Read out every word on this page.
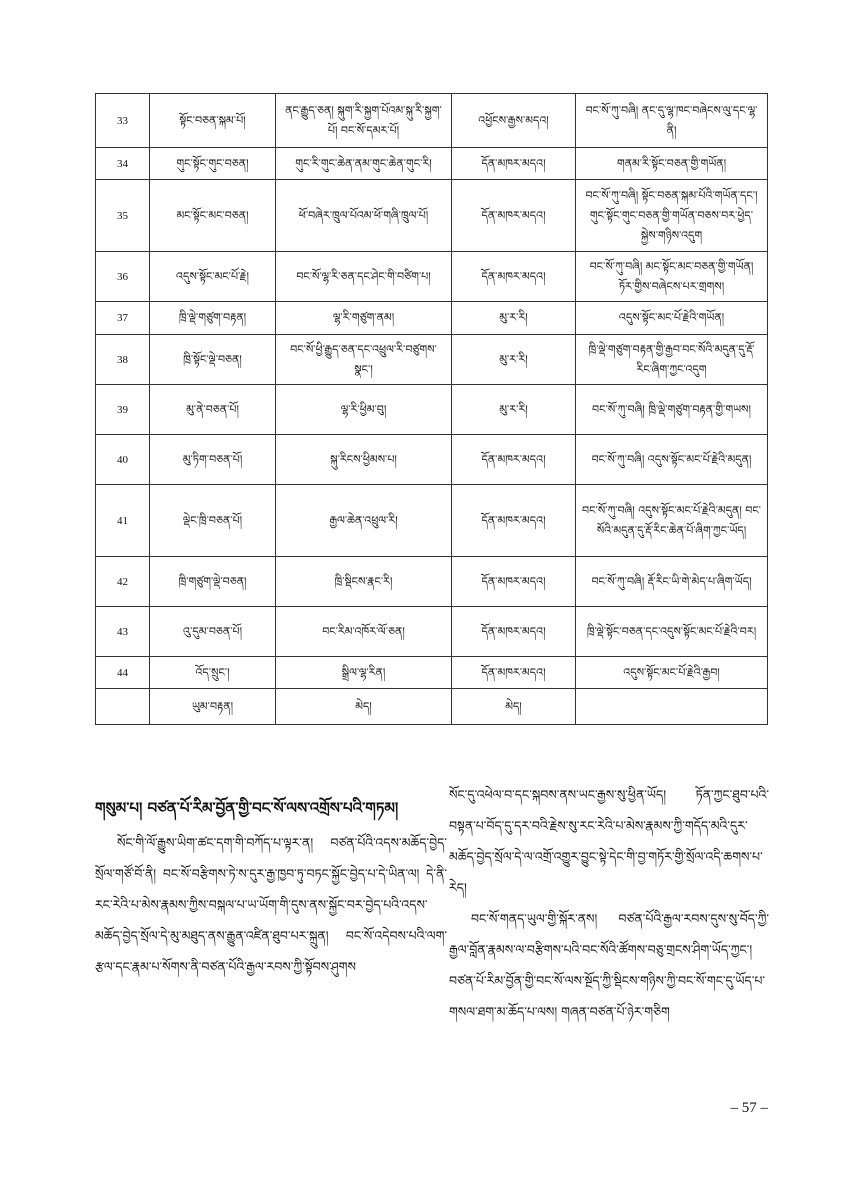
33	སྟོང་བཅན་སྐམ་པོ།	ནང་རྒྱུད་ཅན། སྐུག་རི་སྐྱག་པོའམ་སྐུ་རི་སྐྱག་པོ། བང་སོ་དམར་པོ།	འཕྱོངས་རྒྱས་མདའ།	བང་སོ་ཀུ་བཞི། ནང་དུ་ལྷ་ཁང་བཞེངས་ལུ་དང་ལྷ་ནི།
34	གུང་སྟོང་གུང་བཅན།	གུང་རི་གུང་ཆེན་ནམ་གུང་ཆེན་གུང་རི།	དོན་མཁར་མདའ།	གནམ་རི་སྟོང་བཅན་གྱི་གཡོན།
35	མང་སྟོང་མང་བཅན།	ཕོ་བཞེར་ཁྲུལ་པོའམ་ཕོ་གཞི་ཁྲུལ་པོ།	དོན་མཁར་མདའ།	བང་སོ་ཀུ་བཞི། སྟོང་བཅན་སྐམ་པོའི་གཡོན་དང་། གུང་སྟོང་གུང་བཅན་གྱི་གཡོན་བཅས་བར་ཕྱེད་སྐྱེས་གཉིས་འདུག
36	འདུས་སྟོང་མང་པོ་རྗེ།	བང་སོ་ལྷ་རི་ཅན་དང་ཤེང་གི་བཙིག་པ།	དོན་མཁར་མདའ།	བང་སོ་ཀུ་བཞི། མང་སྟོང་མང་བཅན་གྱི་གཡོན། ཏོར་གྱིས་བཞེངས་པར་གྲགས།
37	ཁྲི་ལྡེ་གཙུག་བརྟན།	ལྷ་རི་གཙུག་ནམ།	མུ་ར་རི།	འདུས་སྟོང་མང་པོ་རྗེའི་གཡོན།
38	ཁྲི་སྟོང་ལྡེ་བཅན།	བང་སོ་ཕྱི་རྒྱུད་ཅན་དང་འཕྲུལ་རི་བཙུགས་སྣང་།	མུ་ར་རི།	ཁྲི་ལྡེ་གཙུག་བརྟན་གྱི་རྒྱབ་བང་སོའི་མདུན་དུ་རྡོ་རིང་ཞིག་ཀྱང་འདུག
39	མུ་ནེ་བཅན་པོ།	ལྷ་རི་ཕྱིམ་བུ།	མུ་ར་རི།	བང་སོ་ཀུ་བཞི། ཁྲི་ལྡེ་གཙུག་བརྟན་གྱི་གཡས།
40	མུ་ཏིག་བཅན་པོ།	སྐུ་རིངས་ཕྱིམས་པ།	དོན་མཁར་མདའ།	བང་སོ་ཀུ་བཞི། འདུས་སྟོང་མང་པོ་རྗེའི་མདུན།
41	ལྡེང་ཁྲི་བཅན་པོ།	རྒྱལ་ཆེན་འཕྲུལ་རི།	དོན་མཁར་མདའ།	བང་སོ་ཀུ་བཞི། འདུས་སྟོང་མང་པོ་རྗེའི་མདུན། བང་སོའི་མདུན་དུ་རྡོ་རིང་ཆེན་པོ་ཞིག་ཀྱང་ཡོད།
42	ཁྲི་གཙུག་ལྡེ་བཅན།	ཁྲི་སྡིངས་རྣང་རི།	དོན་མཁར་མདའ།	བང་སོ་ཀུ་བཞི། རྡོ་རིང་ཡི་གེ་མེད་པ་ཞིག་ཡོད།
43	འུ་དུམ་བཅན་པོ།	བང་རིམ་འཁོར་ལོ་ཅན།	དོན་མཁར་མདའ།	ཁྲི་ལྡེ་སྟོང་བཅན་དང་འདུས་སྟོང་མང་པོ་རྗེའི་བར།
44	འོད་སྲུང་།	སྒྲིལ་ལྷ་རིན།	དོན་མཁར་མདའ།	འདུས་སྟོང་མང་པོ་རྗེའི་རྒྱབ།
	ཡུམ་བརྟན།	མེད།	མེད།	

གསུམ་པ། བཙན་པོ་རིམ་བྱོན་གྱི་བང་སོ་ལས་འགྲོས་པའི་གཏམ།

སོང་གི་ལོ་རྒྱུས་ཡིག་ཚང་དག་གི་བཀོད་པ་ལྟར་ན། བཙན་པོའི་འདས་མཆོད་བྱེད་སྲོལ་གཙོ་བོ་ནི། བང་སོ་བརྩིགས་ཏེ་ས་དུར་རྒྱ་ཁྱབ་ཏུ་བཏང་སྐྱོང་བྱེད་པ་དེ་ཡིན་ལ། དེ་ནི་རང་རེའི་པ་མེས་རྣམས་ཀྱིས་བསྐལ་པ་ཡ་ཡོག་གི་དུས་ནས་སྐྱོང་བར་བྱེད་པའི་འདས་མཆོད་བྱེད་སྲོལ་དེ་མུ་མཐུད་ནས་རྒྱུན་འཛིན་ཐུབ་པར་སྐྲུན། བང་སོ་འདེབས་པའི་ལག་རྩལ་དང་རྣམ་པ་སོགས་ནི་བཙན་པོའི་རྒྱལ་རབས་ཀྱི་སྟོབས་ཤུགས

སོང་དུ་འཕེལ་བ་དང་སྐབས་ནས་ཡང་རྒྱས་སུ་ཕྱིན་ཡོད། ཏོན་ཀྱང་ཐུབ་པའི་བསྟན་པ་བོད་དུ་དར་བའི་རྗེས་སུ་རང་རེའི་པ་མེས་རྣམས་ཀྱི་གདོད་མའི་དུར་མཆོད་བྱེད་སྲོལ་དེ་ལ་འགྲོ་འགྱུར་བྱུང་སྟེ་དེང་གི་བྱ་གཏོར་གྱི་སྲོལ་འདི་ཆགས་པ་རེད།

བང་སོ་གནད་ཡུལ་གྱི་སྐོར་ནས། བཙན་པོའི་རྒྱལ་རབས་དུས་སུ་བོད་ཀྱི་རྒྱལ་བློན་རྣམས་ལ་བརྩིགས་པའི་བང་སོའི་ཚོགས་བཅུ་གྲངས་ཤིག་ཡོད་ཀྱང་། བཙན་པོ་རིམ་བྱོན་གྱི་བང་སོ་ལས་སྔོད་ཀྱི་སྡིངས་གཉིས་ཀྱི་བང་སོ་གང་དུ་ཡོད་པ་གསལ་ཐག་མ་ཆོད་པ་ལས། གཞན་བཙན་པོ་ཉེར་གཅིག

– 57 –
